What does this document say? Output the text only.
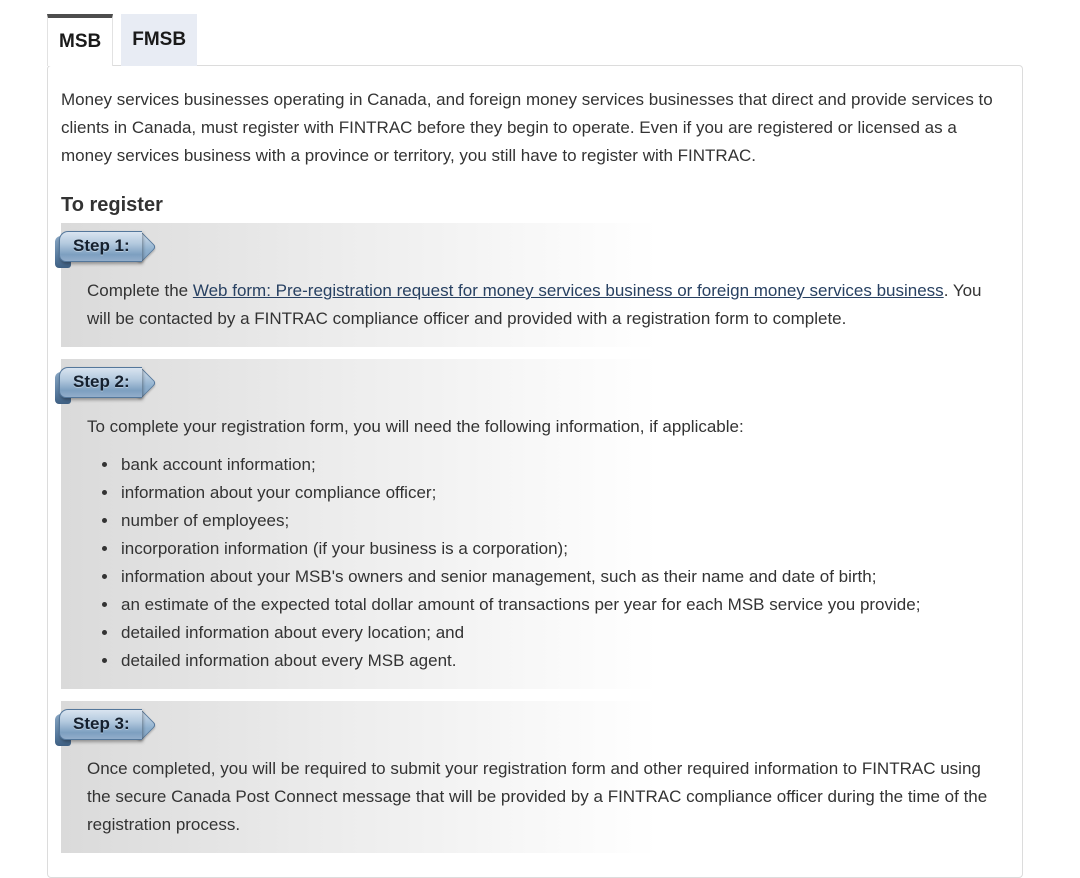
MSB	FMSB

Money services businesses operating in Canada, and foreign money services businesses that direct and provide services to clients in Canada, must register with FINTRAC before they begin to operate. Even if you are registered or licensed as a money services business with a province or territory, you still have to register with FINTRAC.

To register
Step 1:

Complete the Web form: Pre-registration request for money services business or foreign money services business. You will be contacted by a FINTRAC compliance officer and provided with a registration form to complete.

Step 2:

To complete your registration form, you will need the following information, if applicable:

• bank account information;
• information about your compliance officer;
• number of employees;
• incorporation information (if your business is a corporation);
• information about your MSB's owners and senior management, such as their name and date of birth;
• an estimate of the expected total dollar amount of transactions per year for each MSB service you provide;
• detailed information about every location; and
• detailed information about every MSB agent.
Step 3:

Once completed, you will be required to submit your registration form and other required information to FINTRAC using the secure Canada Post Connect message that will be provided by a FINTRAC compliance officer during the time of the registration process.
